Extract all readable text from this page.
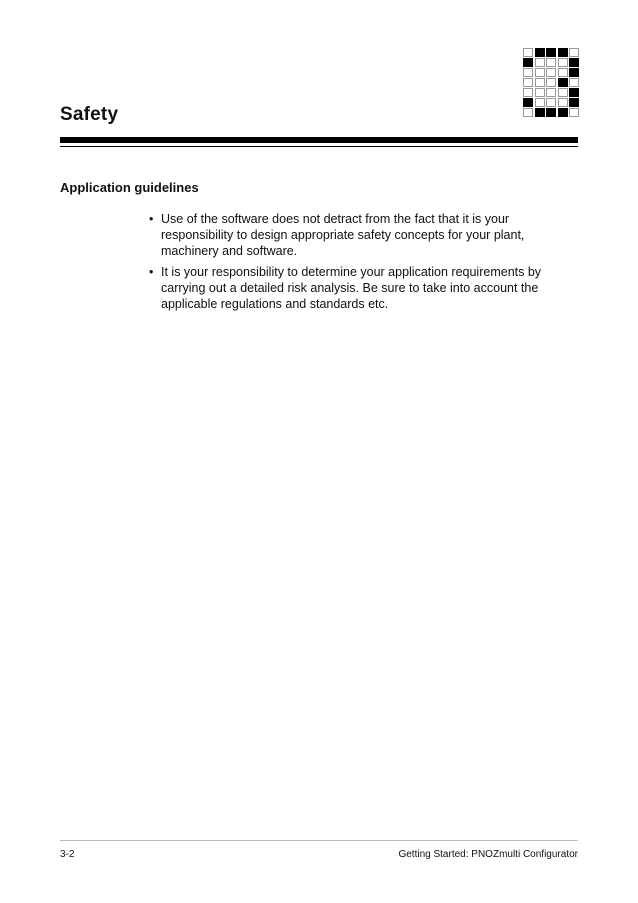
Safety
Application guidelines
• Use of the software does not detract from the fact that it is your responsibility to design appropriate safety concepts for your plant, machinery and software.
• It is your responsibility to determine your application requirements by carrying out a detailed risk analysis. Be sure to take into account the applicable regulations and standards etc.
3-2	Getting Started: PNOZmulti Configurator
